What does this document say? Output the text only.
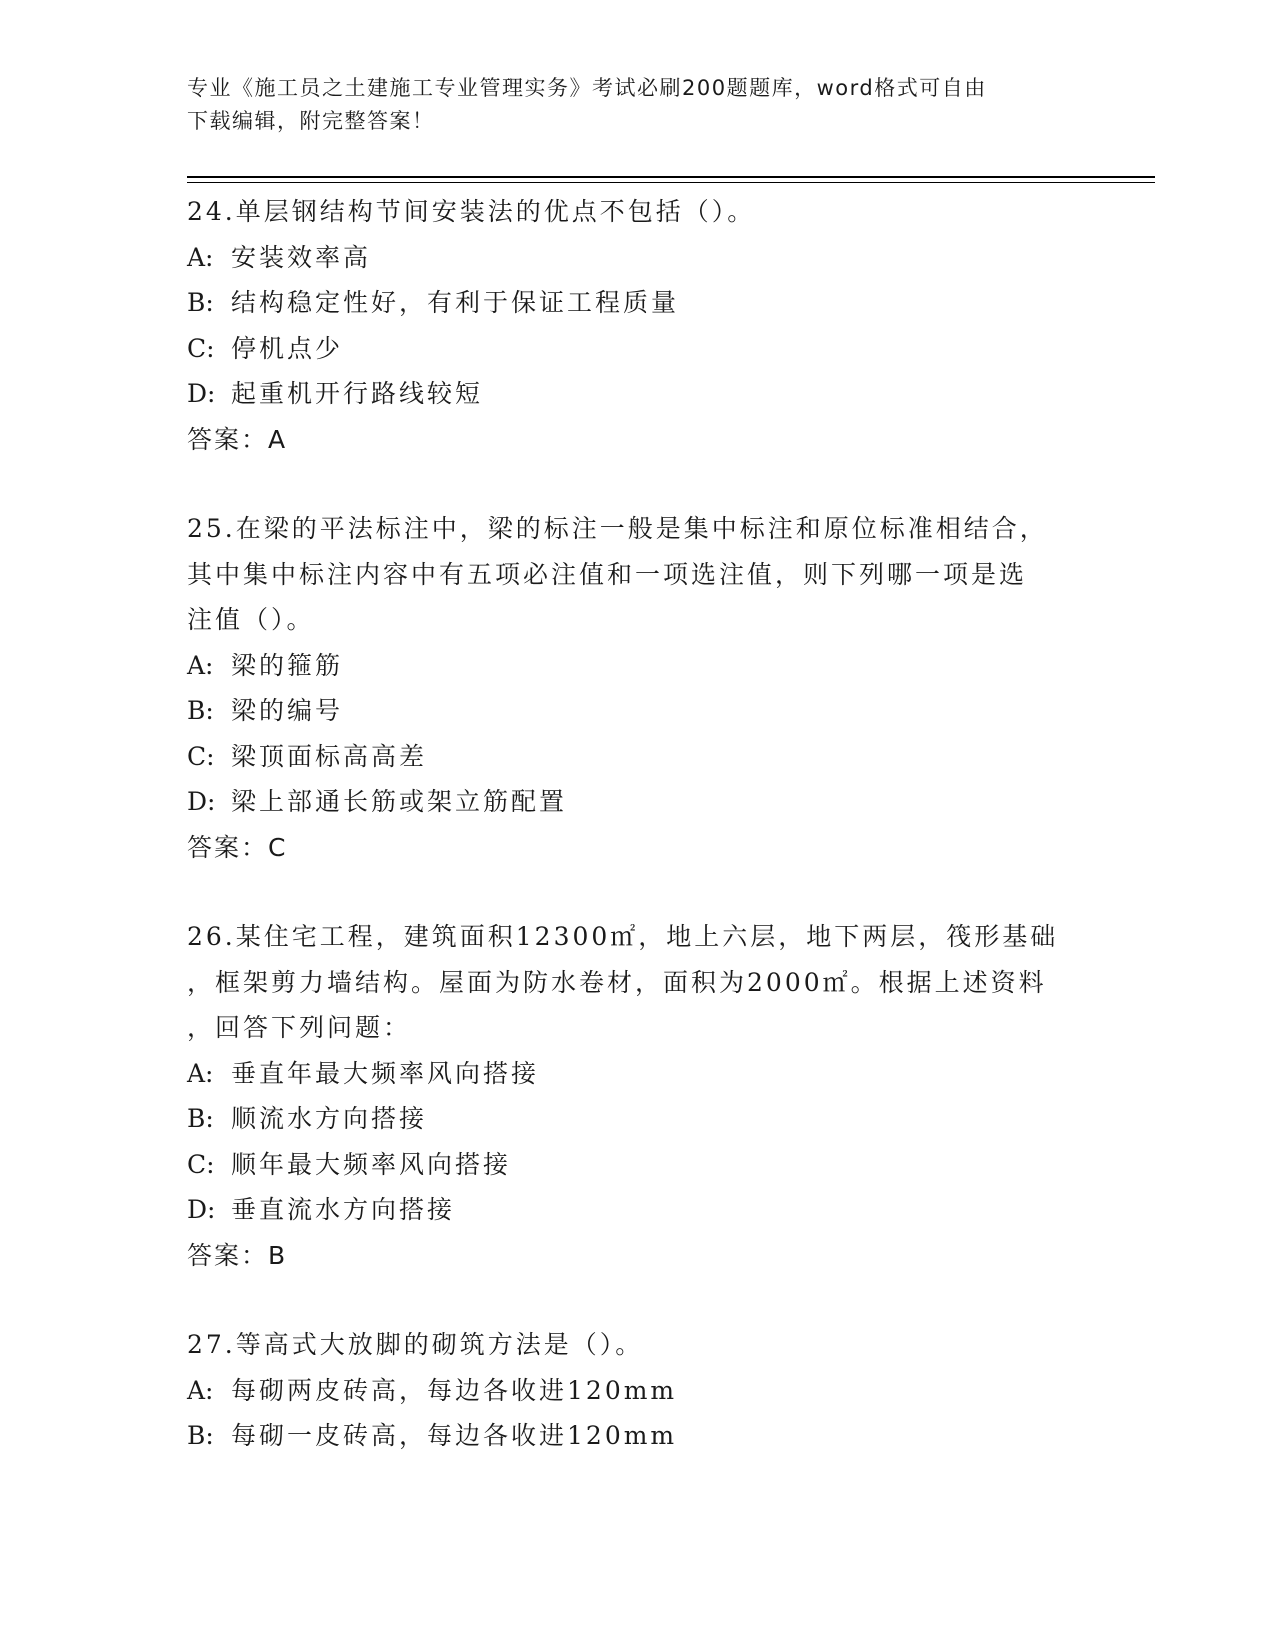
专业《施工员之土建施工专业管理实务》考试必刷200题题库，word格式可自由
下载编辑，附完整答案！

24.单层钢结构节间安装法的优点不包括（）。

A: 安装效率高

B: 结构稳定性好，有利于保证工程质量

C: 停机点少

D: 起重机开行路线较短

答案：A

25.在梁的平法标注中，梁的标注一般是集中标注和原位标准相结合，

其中集中标注内容中有五项必注值和一项选注值，则下列哪一项是选

注值（）。

A: 梁的箍筋

B: 梁的编号

C: 梁顶面标高高差

D: 梁上部通长筋或架立筋配置

答案：C

26.某住宅工程，建筑面积12300㎡，地上六层，地下两层，筏形基础

，框架剪力墙结构。屋面为防水卷材，面积为2000㎡。根据上述资料

，回答下列问题：

A: 垂直年最大频率风向搭接

B: 顺流水方向搭接

C: 顺年最大频率风向搭接

D: 垂直流水方向搭接

答案：B

27.等高式大放脚的砌筑方法是（）。

A: 每砌两皮砖高，每边各收进120mm

B: 每砌一皮砖高，每边各收进120mm
